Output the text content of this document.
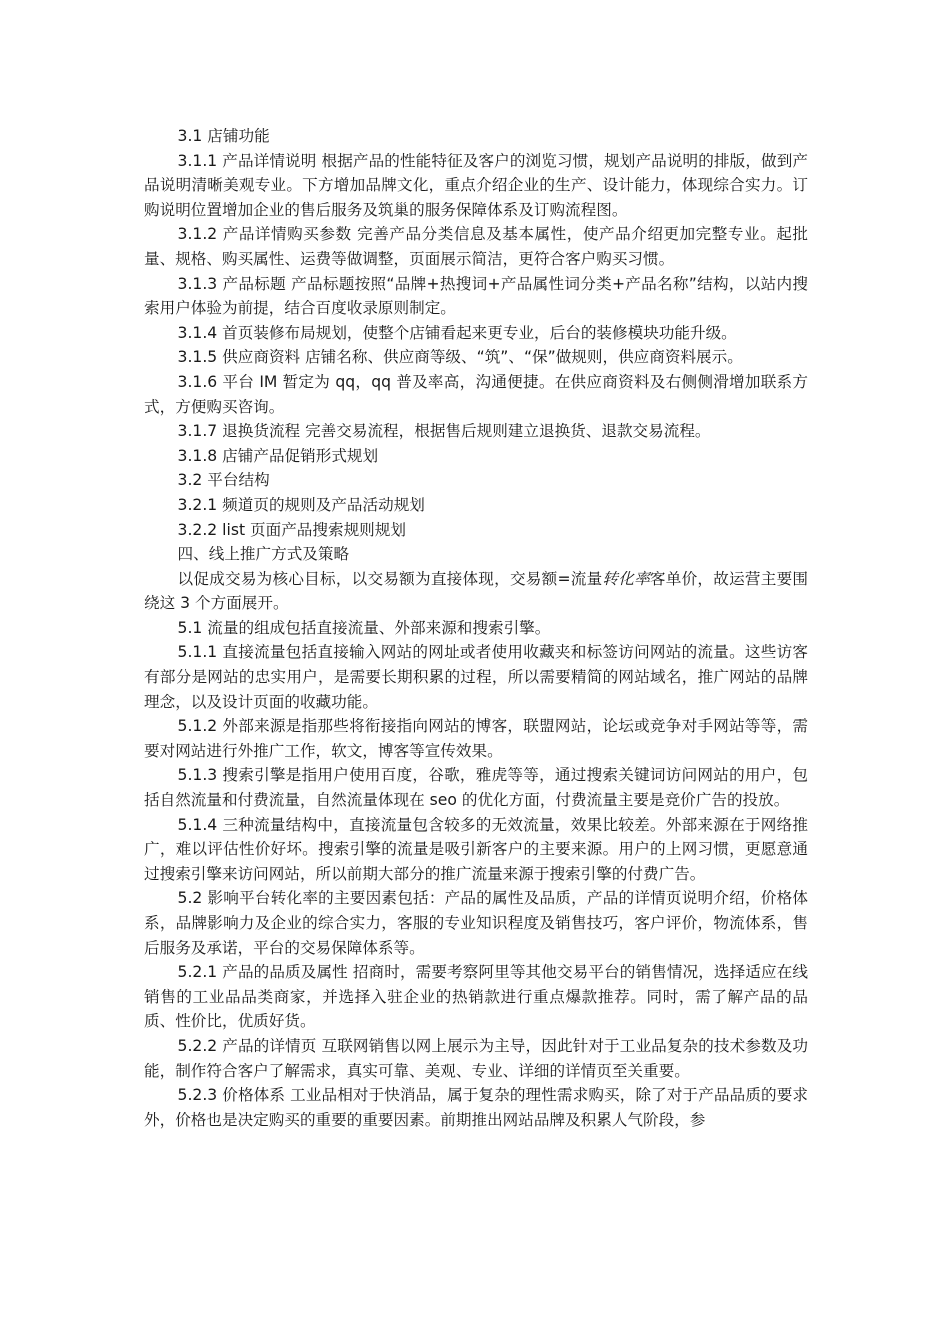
3.1 店铺功能

3.1.1 产品详情说明 根据产品的性能特征及客户的浏览习惯，规划产品说明的排版，做到产品说明清晰美观专业。下方增加品牌文化，重点介绍企业的生产、设计能力，体现综合实力。订购说明位置增加企业的售后服务及筑巢的服务保障体系及订购流程图。

3.1.2 产品详情购买参数 完善产品分类信息及基本属性，使产品介绍更加完整专业。起批量、规格、购买属性、运费等做调整，页面展示简洁，更符合客户购买习惯。

3.1.3 产品标题 产品标题按照“品牌+热搜词+产品属性词分类+产品名称”结构，以站内搜索用户体验为前提，结合百度收录原则制定。

3.1.4 首页装修布局规划，使整个店铺看起来更专业，后台的装修模块功能升级。

3.1.5 供应商资料 店铺名称、供应商等级、“筑”、“保”做规则，供应商资料展示。

3.1.6 平台 IM 暂定为 qq，qq 普及率高，沟通便捷。在供应商资料及右侧侧滑增加联系方式，方便购买咨询。

3.1.7 退换货流程 完善交易流程，根据售后规则建立退换货、退款交易流程。

3.1.8 店铺产品促销形式规划

3.2 平台结构

3.2.1 频道页的规则及产品活动规划

3.2.2 list 页面产品搜索规则规划

四、线上推广方式及策略

以促成交易为核心目标，以交易额为直接体现，交易额=流量转化率客单价，故运营主要围绕这 3 个方面展开。

5.1 流量的组成包括直接流量、外部来源和搜索引擎。

5.1.1 直接流量包括直接输入网站的网址或者使用收藏夹和标签访问网站的流量。这些访客有部分是网站的忠实用户，是需要长期积累的过程，所以需要精简的网站域名，推广网站的品牌理念，以及设计页面的收藏功能。

5.1.2 外部来源是指那些将衔接指向网站的博客，联盟网站，论坛或竞争对手网站等等，需要对网站进行外推广工作，软文，博客等宣传效果。

5.1.3 搜索引擎是指用户使用百度，谷歌，雅虎等等，通过搜索关键词访问网站的用户，包括自然流量和付费流量，自然流量体现在 seo 的优化方面，付费流量主要是竞价广告的投放。

5.1.4 三种流量结构中，直接流量包含较多的无效流量，效果比较差。外部来源在于网络推广，难以评估性价好坏。搜索引擎的流量是吸引新客户的主要来源。用户的上网习惯，更愿意通过搜索引擎来访问网站，所以前期大部分的推广流量来源于搜索引擎的付费广告。

5.2 影响平台转化率的主要因素包括：产品的属性及品质，产品的详情页说明介绍，价格体系，品牌影响力及企业的综合实力，客服的专业知识程度及销售技巧，客户评价，物流体系，售后服务及承诺，平台的交易保障体系等。

5.2.1 产品的品质及属性 招商时，需要考察阿里等其他交易平台的销售情况，选择适应在线销售的工业品品类商家，并选择入驻企业的热销款进行重点爆款推荐。同时，需了解产品的品质、性价比，优质好货。

5.2.2 产品的详情页 互联网销售以网上展示为主导，因此针对于工业品复杂的技术参数及功能，制作符合客户了解需求，真实可靠、美观、专业、详细的详情页至关重要。

5.2.3 价格体系 工业品相对于快消品，属于复杂的理性需求购买，除了对于产品品质的要求外，价格也是决定购买的重要的重要因素。前期推出网站品牌及积累人气阶段，参
